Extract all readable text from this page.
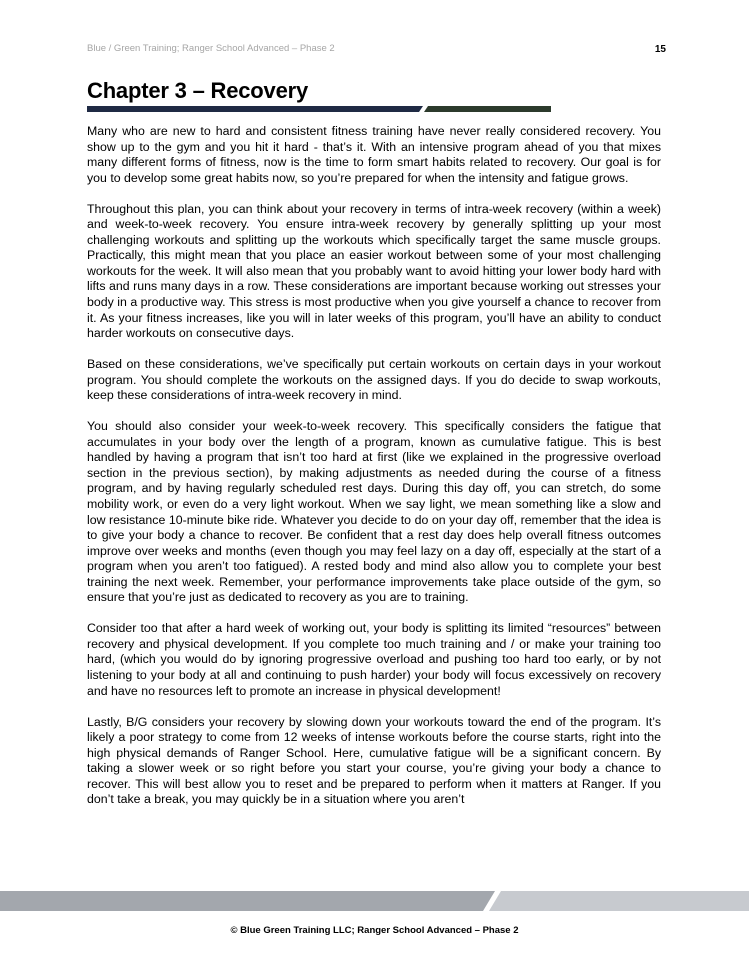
Blue / Green Training; Ranger School Advanced – Phase 2	15
Chapter 3 – Recovery

Many who are new to hard and consistent fitness training have never really considered recovery. You show up to the gym and you hit it hard - that’s it. With an intensive program ahead of you that mixes many different forms of fitness, now is the time to form smart habits related to recovery. Our goal is for you to develop some great habits now, so you’re prepared for when the intensity and fatigue grows.

Throughout this plan, you can think about your recovery in terms of intra-week recovery (within a week) and week-to-week recovery. You ensure intra-week recovery by generally splitting up your most challenging workouts and splitting up the workouts which specifically target the same muscle groups. Practically, this might mean that you place an easier workout between some of your most challenging workouts for the week. It will also mean that you probably want to avoid hitting your lower body hard with lifts and runs many days in a row. These considerations are important because working out stresses your body in a productive way. This stress is most productive when you give yourself a chance to recover from it. As your fitness increases, like you will in later weeks of this program, you’ll have an ability to conduct harder workouts on consecutive days.

Based on these considerations, we’ve specifically put certain workouts on certain days in your workout program. You should complete the workouts on the assigned days. If you do decide to swap workouts, keep these considerations of intra-week recovery in mind.

You should also consider your week-to-week recovery. This specifically considers the fatigue that accumulates in your body over the length of a program, known as cumulative fatigue. This is best handled by having a program that isn’t too hard at first (like we explained in the progressive overload section in the previous section), by making adjustments as needed during the course of a fitness program, and by having regularly scheduled rest days. During this day off, you can stretch, do some mobility work, or even do a very light workout. When we say light, we mean something like a slow and low resistance 10-minute bike ride. Whatever you decide to do on your day off, remember that the idea is to give your body a chance to recover. Be confident that a rest day does help overall fitness outcomes improve over weeks and months (even though you may feel lazy on a day off, especially at the start of a program when you aren’t too fatigued). A rested body and mind also allow you to complete your best training the next week. Remember, your performance improvements take place outside of the gym, so ensure that you’re just as dedicated to recovery as you are to training.

Consider too that after a hard week of working out, your body is splitting its limited “resources” between recovery and physical development. If you complete too much training and / or make your training too hard, (which you would do by ignoring progressive overload and pushing too hard too early, or by not listening to your body at all and continuing to push harder) your body will focus excessively on recovery and have no resources left to promote an increase in physical development!

Lastly, B/G considers your recovery by slowing down your workouts toward the end of the program. It’s likely a poor strategy to come from 12 weeks of intense workouts before the course starts, right into the high physical demands of Ranger School. Here, cumulative fatigue will be a significant concern. By taking a slower week or so right before you start your course, you’re giving your body a chance to recover. This will best allow you to reset and be prepared to perform when it matters at Ranger. If you don’t take a break, you may quickly be in a situation where you aren’t

© Blue Green Training LLC; Ranger School Advanced – Phase 2
